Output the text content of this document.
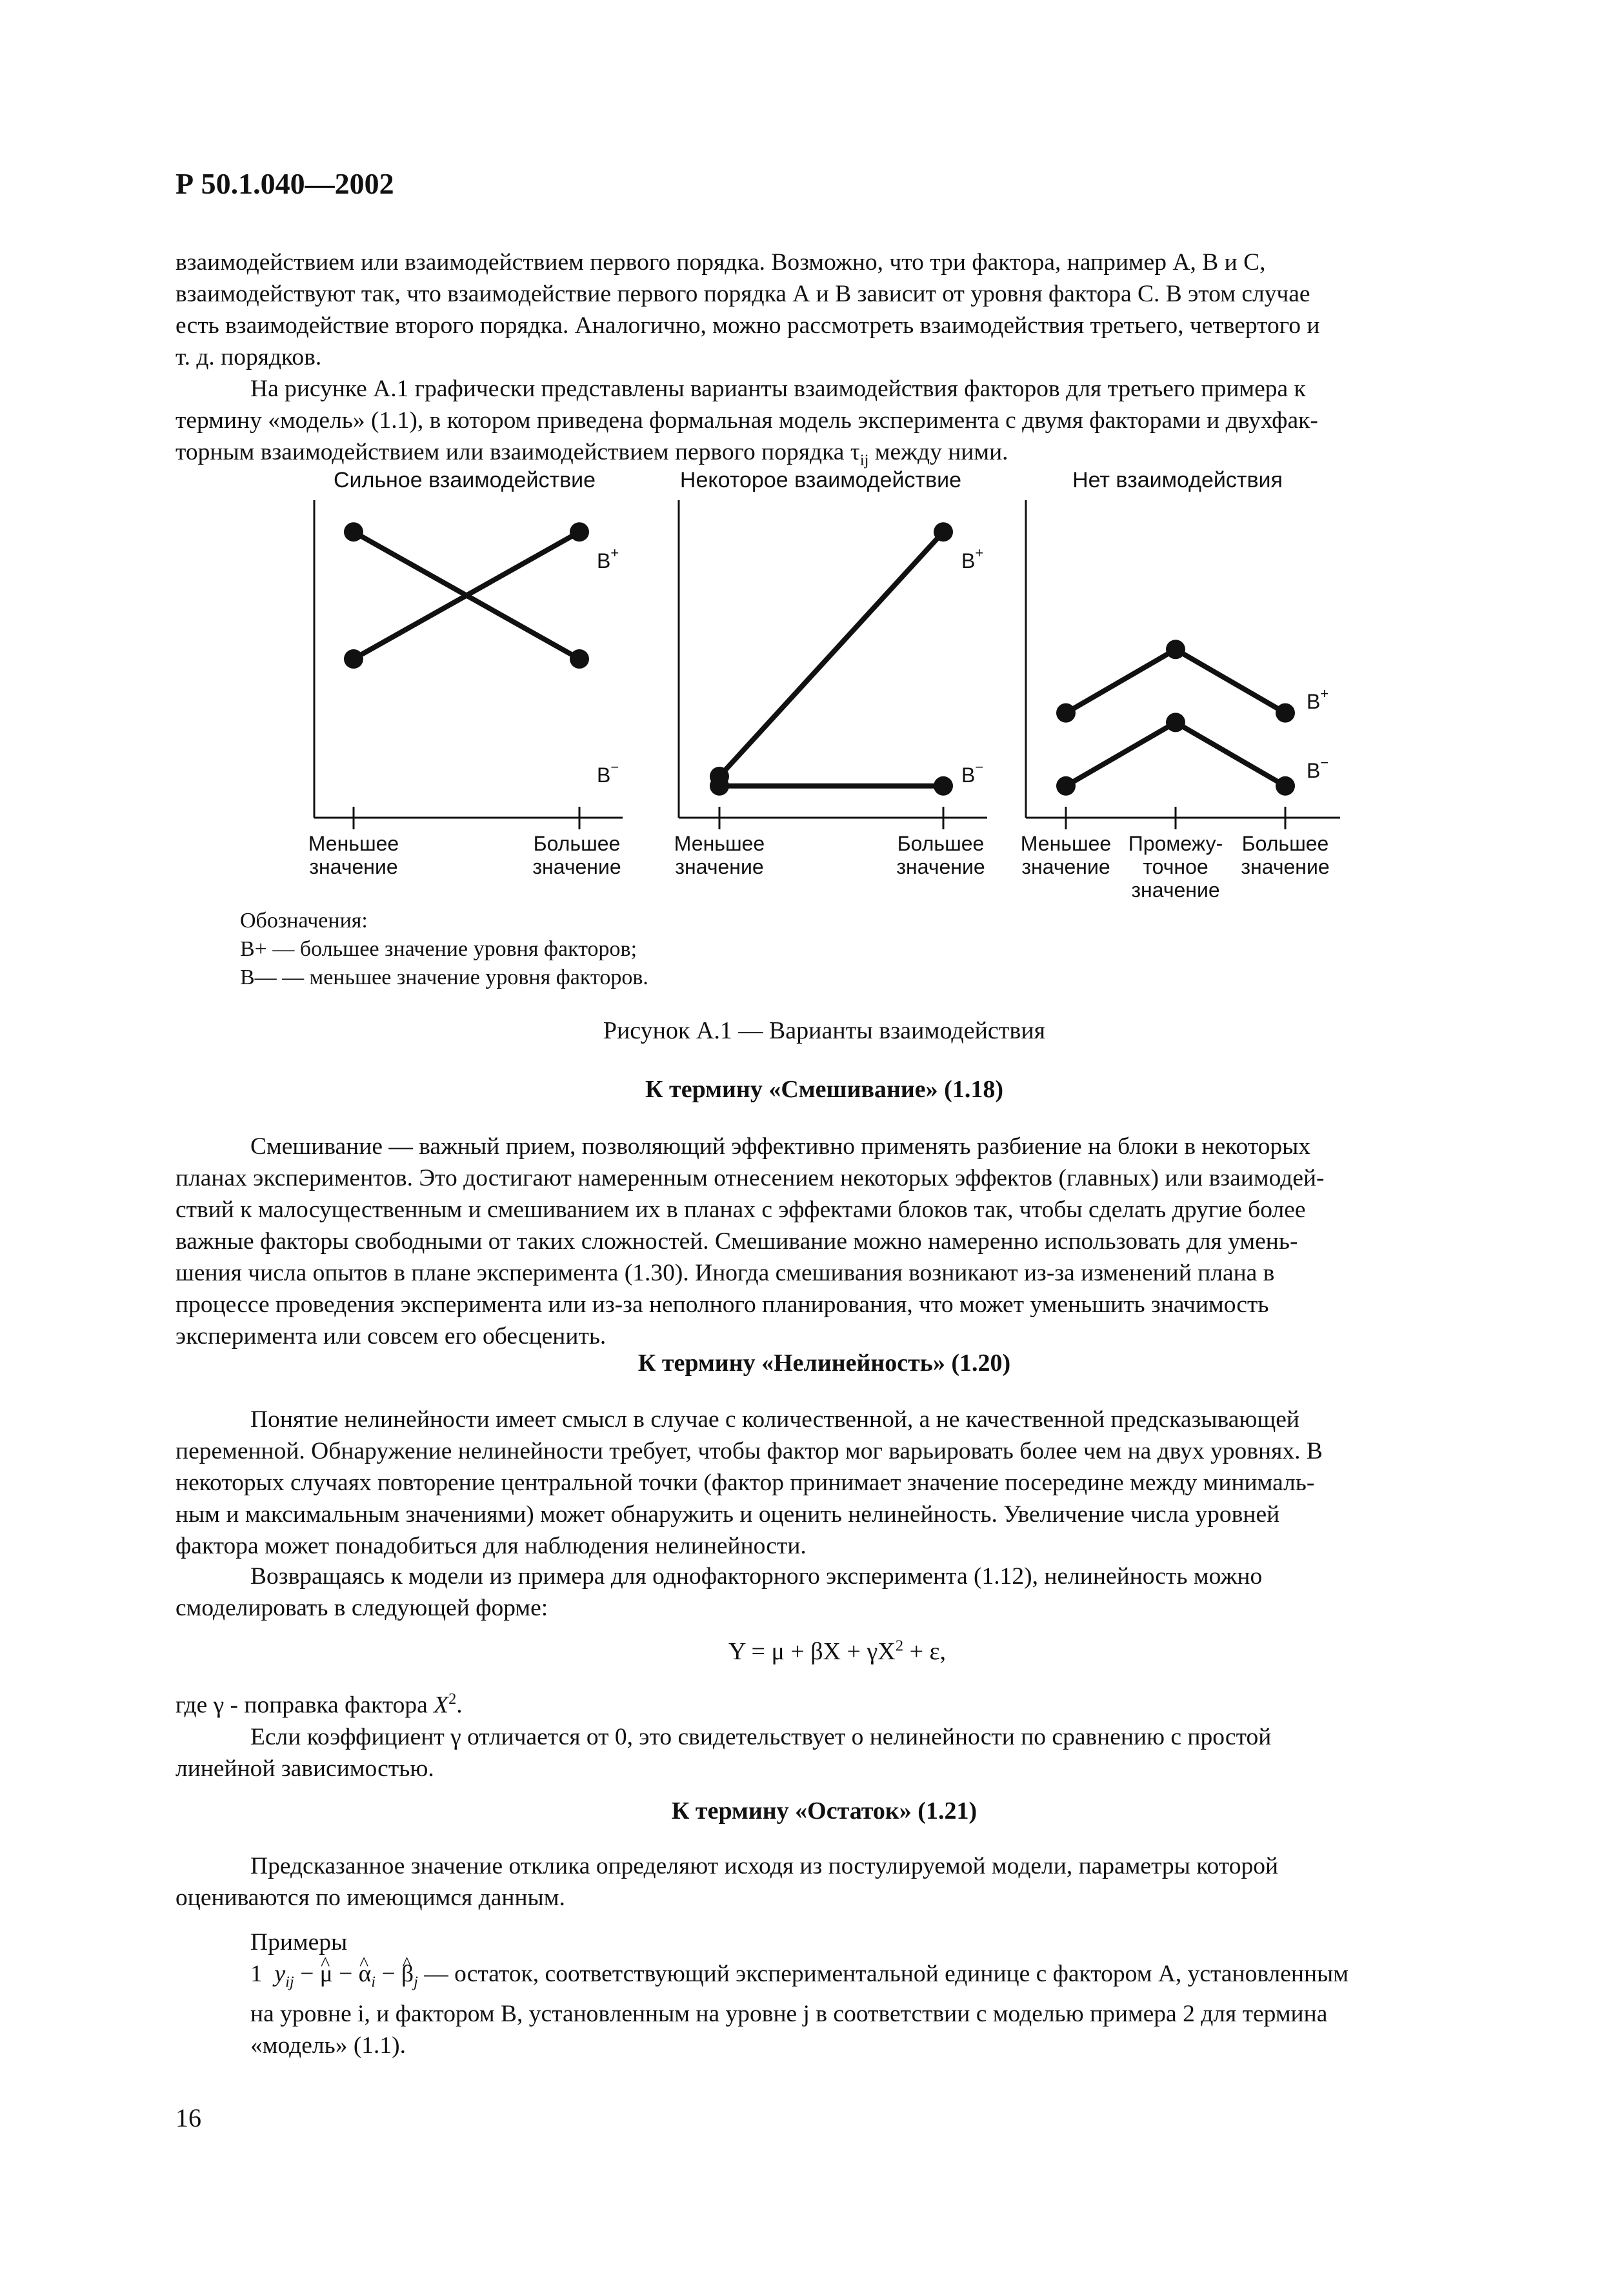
Р 50.1.040—2002
взаимодействием или взаимодействием первого порядка. Возможно, что три фактора, например А, В и С,
взаимодействуют так, что взаимодействие первого порядка А и В зависит от уровня фактора С. В этом случае
есть взаимодействие второго порядка. Аналогично, можно рассмотреть взаимодействия третьего, четвертого и
т. д. порядков.
На рисунке А.1 графически представлены варианты взаимодействия факторов для третьего примера к
термину «модель» (1.1), в котором приведена формальная модель эксперимента с двумя факторами и двухфак-
торным взаимодействием или взаимодействием первого порядка $\tau_{ij}$ между ними.
Сильное взаимодействие	Некоторое взаимодействие	Нет взаимодействия
B+
B−
B+
B−
B+
B−
Меньшее
значение
Большее
значение
Меньшее
значение
Большее
значение
Меньшее
значение
Промежу-
точное
значение
Большее
значение
Обозначения:
B+ — большее значение уровня факторов;
B— — меньшее значение уровня факторов.
Рисунок А.1 — Варианты взаимодействия
К термину «Смешивание» (1.18)
Смешивание — важный прием, позволяющий эффективно применять разбиение на блоки в некоторых
планах экспериментов. Это достигают намеренным отнесением некоторых эффектов (главных) или взаимодей-
ствий к малосущественным и смешиванием их в планах с эффектами блоков так, чтобы сделать другие более
важные факторы свободными от таких сложностей. Смешивание можно намеренно использовать для умень-
шения числа опытов в плане эксперимента (1.30). Иногда смешивания возникают из-за изменений плана в
процессе проведения эксперимента или из-за неполного планирования, что может уменьшить значимость
эксперимента или совсем его обесценить.
К термину «Нелинейность» (1.20)
Понятие нелинейности имеет смысл в случае с количественной, а не качественной предсказывающей
переменной. Обнаружение нелинейности требует, чтобы фактор мог варьировать более чем на двух уровнях. В
некоторых случаях повторение центральной точки (фактор принимает значение посередине между минималь-
ным и максимальным значениями) может обнаружить и оценить нелинейность. Увеличение числа уровней
фактора может понадобиться для наблюдения нелинейности.
Возвращаясь к модели из примера для однофакторного эксперимента (1.12), нелинейность можно
смоделировать в следующей форме:
$Y = \mu + \beta X + \gamma X^2 + \varepsilon$,
где γ - поправка фактора $X^2$.
Если коэффициент γ отличается от 0, это свидетельствует о нелинейности по сравнению с простой
линейной зависимостью.
К термину «Остаток» (1.21)
Предсказанное значение отклика определяют исходя из постулируемой модели, параметры которой
оцениваются по имеющимся данным.
Примеры
1 $y_{ij}$ − ^ μ − ^ $\alpha_i$ − ^ $\beta_j$ — остаток, соответствующий экспериментальной единице с фактором А, установленным
на уровне i, и фактором В, установленным на уровне j в соответствии с моделью примера 2 для термина
«модель» (1.1).
16
